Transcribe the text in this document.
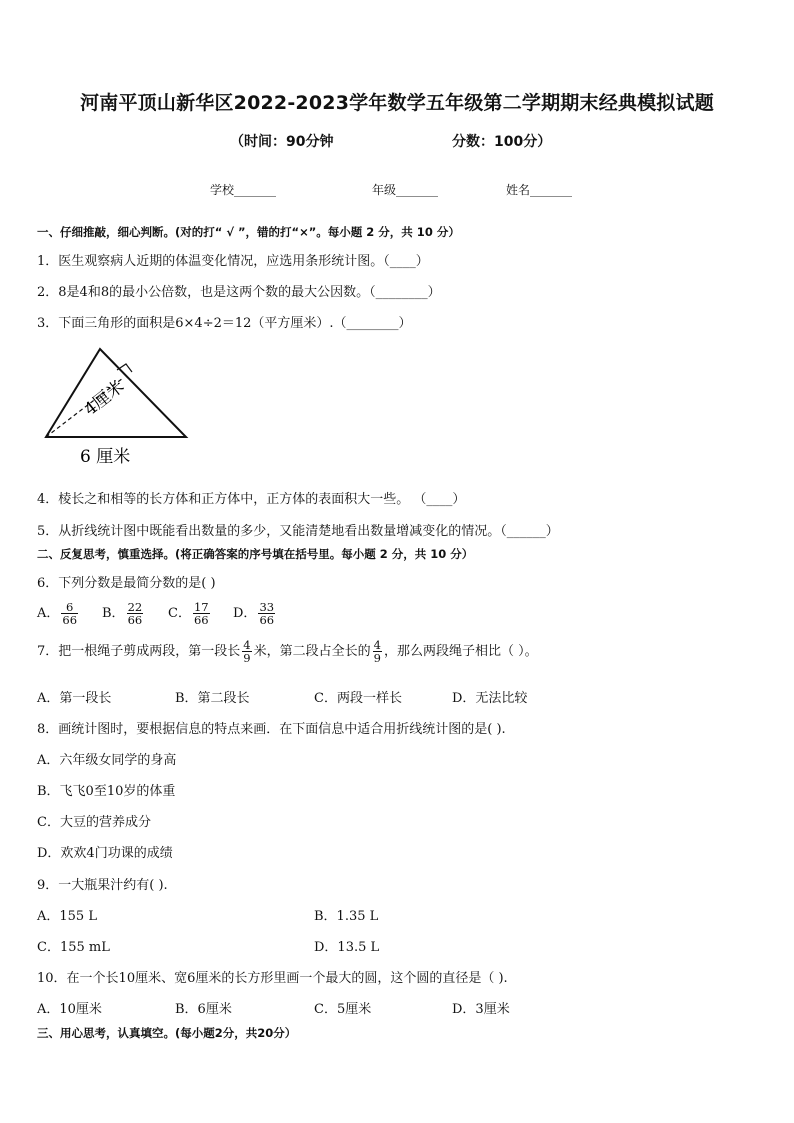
河南平顶山新华区2022-2023学年数学五年级第二学期期末经典模拟试题
（时间：90分钟	分数：100分）
学校_______	年级_______	姓名_______
一、仔细推敲，细心判断。(对的打“ √ ”，错的打“×”。每小题 2 分，共 10 分）
1．医生观察病人近期的体温变化情况，应选用条形统计图。（____）
2．8是4和8的最小公倍数，也是这两个数的最大公因数。（________）
3．下面三角形的面积是6×4÷2＝12（平方厘米）.（________）
4厘米
6 厘米
4．棱长之和相等的长方体和正方体中，正方体的表面积大一些。 （____）
5．从折线统计图中既能看出数量的多少，又能清楚地看出数量增减变化的情况。（______）
二、反复思考，慎重选择。(将正确答案的序号填在括号里。每小题 2 分，共 10 分）
6．下列分数是最简分数的是( )
A． $\frac{6}{66}$ B． $\frac{22}{66}$ C． $\frac{17}{66}$ D． $\frac{33}{66}$
7．把一根绳子剪成两段，第一段长 $\frac{4}{9}$ 米，第二段占全长的 $\frac{4}{9}$ ，那么两段绳子相比（ ）。
A．第一段长	B．第二段长	C．两段一样长	D．无法比较
8．画统计图时，要根据信息的特点来画．在下面信息中适合用折线统计图的是( ).
A．六年级女同学的身高
B．飞飞0至10岁的体重
C．大豆的营养成分
D．欢欢4门功课的成绩
9．一大瓶果汁约有( ).
A．155 L	B．1.35 L
C．155 mL	D．13.5 L
10．在一个长10厘米、宽6厘米的长方形里画一个最大的圆，这个圆的直径是（ ).
A．10厘米	B．6厘米	C．5厘米	D．3厘米
三、用心思考，认真填空。(每小题2分，共20分）
